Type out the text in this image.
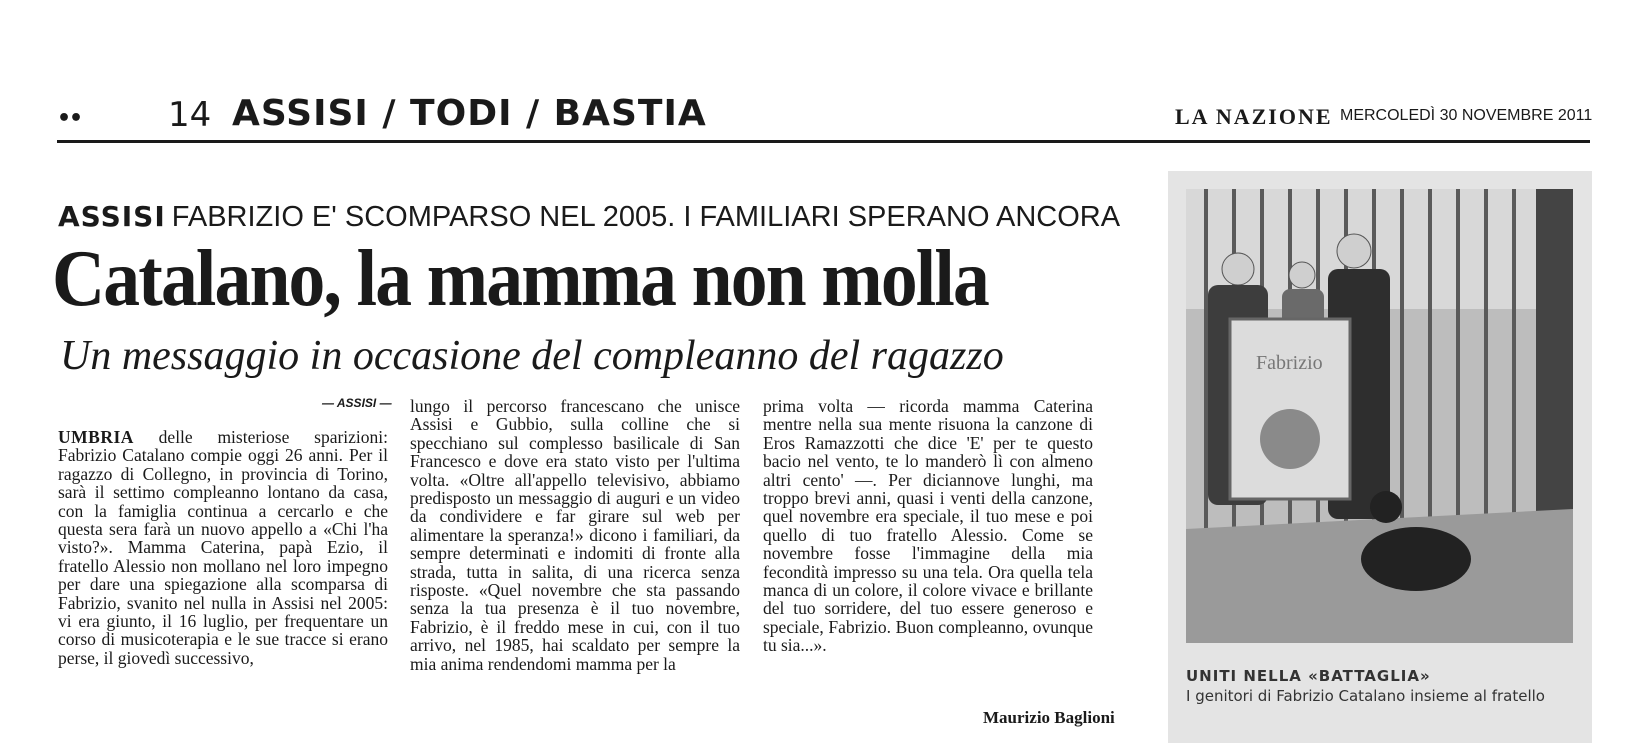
••	14 ASSISI / TODI / BASTIA	LA NAZIONE MERCOLEDÌ 30 NOVEMBRE 2011
ASSISI FABRIZIO E' SCOMPARSO NEL 2005. I FAMILIARI SPERANO ANCORA
Catalano, la mamma non molla
Un messaggio in occasione del compleanno del ragazzo
— ASSISI —

UMBRIA delle misteriose sparizioni: Fabrizio Catalano compie oggi 26 anni. Per il ragazzo di Collegno, in provincia di Torino, sarà il settimo compleanno lontano da casa, con la famiglia continua a cercarlo e che questa sera farà un nuovo appello a «Chi l'ha visto?». Mamma Caterina, papà Ezio, il fratello Alessio non mollano nel loro impegno per dare una spiegazione alla scomparsa di Fabrizio, svanito nel nulla in Assisi nel 2005: vi era giunto, il 16 luglio, per frequentare un corso di musicoterapia e le sue tracce si erano perse, il giovedì successivo,

lungo il percorso francescano che unisce Assisi e Gubbio, sulla colline che si specchiano sul complesso basilicale di San Francesco e dove era stato visto per l'ultima volta. «Oltre all'appello televisivo, abbiamo predisposto un messaggio di auguri e un video da condividere e far girare sul web per alimentare la speranza!» dicono i familiari, da sempre determinati e indomiti di fronte alla strada, tutta in salita, di una ricerca senza risposte. «Quel novembre che sta passando senza la tua presenza è il tuo novembre, Fabrizio, è il freddo mese in cui, con il tuo arrivo, nel 1985, hai scaldato per sempre la mia anima rendendomi mamma per la

prima volta — ricorda mamma Caterina mentre nella sua mente risuona la canzone di Eros Ramazzotti che dice 'E' per te questo bacio nel vento, te lo manderò lì con almeno altri cento' —. Per diciannove lunghi, ma troppo brevi anni, quasi i venti della canzone, quel novembre era speciale, il tuo mese e poi quello di tuo fratello Alessio. Come se novembre fosse l'immagine della mia fecondità impresso su una tela. Ora quella tela manca di un colore, il colore vivace e brillante del tuo sorridere, del tuo essere generoso e speciale, Fabrizio. Buon compleanno, ovunque tu sia...».

Maurizio Baglioni
Fabrizio
UNITI NELLA «BATTAGLIA»
I genitori di Fabrizio Catalano insieme al fratello
